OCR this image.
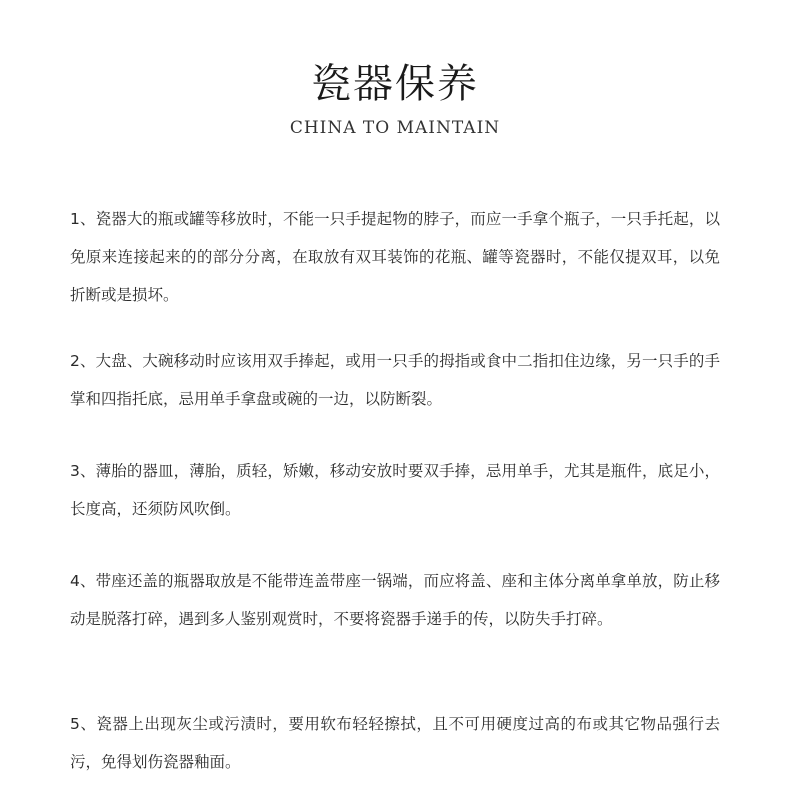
瓷器保养
CHINA TO MAINTAIN

1、瓷器大的瓶或罐等移放时，不能一只手提起物的脖子，而应一手拿个瓶子，一只手托起，以免原来连接起来的的部分分离，在取放有双耳装饰的花瓶、罐等瓷器时，不能仅提双耳，以免折断或是损坏。

2、大盘、大碗移动时应该用双手捧起，或用一只手的拇指或食中二指扣住边缘，另一只手的手掌和四指托底，忌用单手拿盘或碗的一边，以防断裂。

3、薄胎的器皿，薄胎，质轻，矫嫩，移动安放时要双手捧，忌用单手，尤其是瓶件，底足小，长度高，还须防风吹倒。

4、带座还盖的瓶器取放是不能带连盖带座一锅端，而应将盖、座和主体分离单拿单放，防止移动是脱落打碎，遇到多人鉴别观赏时，不要将瓷器手递手的传，以防失手打碎。

5、瓷器上出现灰尘或污渍时，要用软布轻轻擦拭，且不可用硬度过高的布或其它物品强行去污，免得划伤瓷器釉面。
